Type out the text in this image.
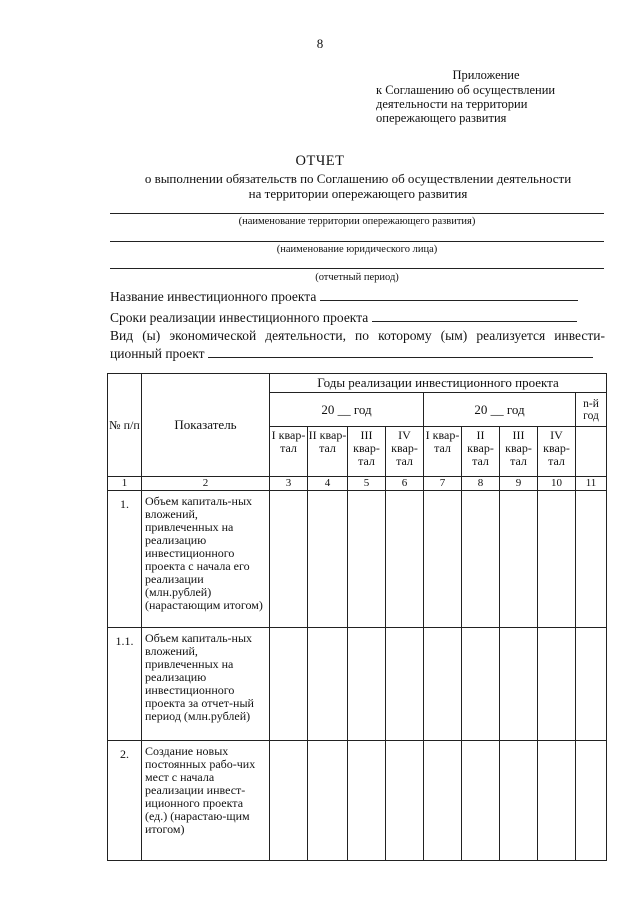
8
Приложение
к Соглашению об осуществлении
деятельности на территории
опережающего развития
ОТЧЕТ
о выполнении обязательств по Соглашению об осуществлении деятельности
на территории опережающего развития
(наименование территории опережающего развития)
(наименование юридического лица)
(отчетный период)
Название инвестиционного проекта
Сроки реализации инвестиционного проекта
Вид (ы) экономической деятельности, по которому (ым) реализуется инвести-
ционный проект
№ п/п	Показатель	Годы реализации инвестиционного проекта								
		20 __ год				20 __ год				n-й год
		I квар-тал	II квар-тал	III квар-тал	IV квар-тал	I квар-тал	II квар-тал	III квар-тал	IV квар-тал	
1	2	3	4	5	6	7	8	9	10	11
1.	Объем капиталь-ных вложений, привлеченных на реализацию инвестиционного проекта с начала его реализации (млн.рублей) (нарастающим итогом)									
1.1.	Объем капиталь-ных вложений, привлеченных на реализацию инвестиционного проекта за отчет-ный период (млн.рублей)									
2.	Создание новых постоянных рабо-чих мест с начала реализации инвест-иционного проекта (ед.) (нарастаю-щим итогом)									
